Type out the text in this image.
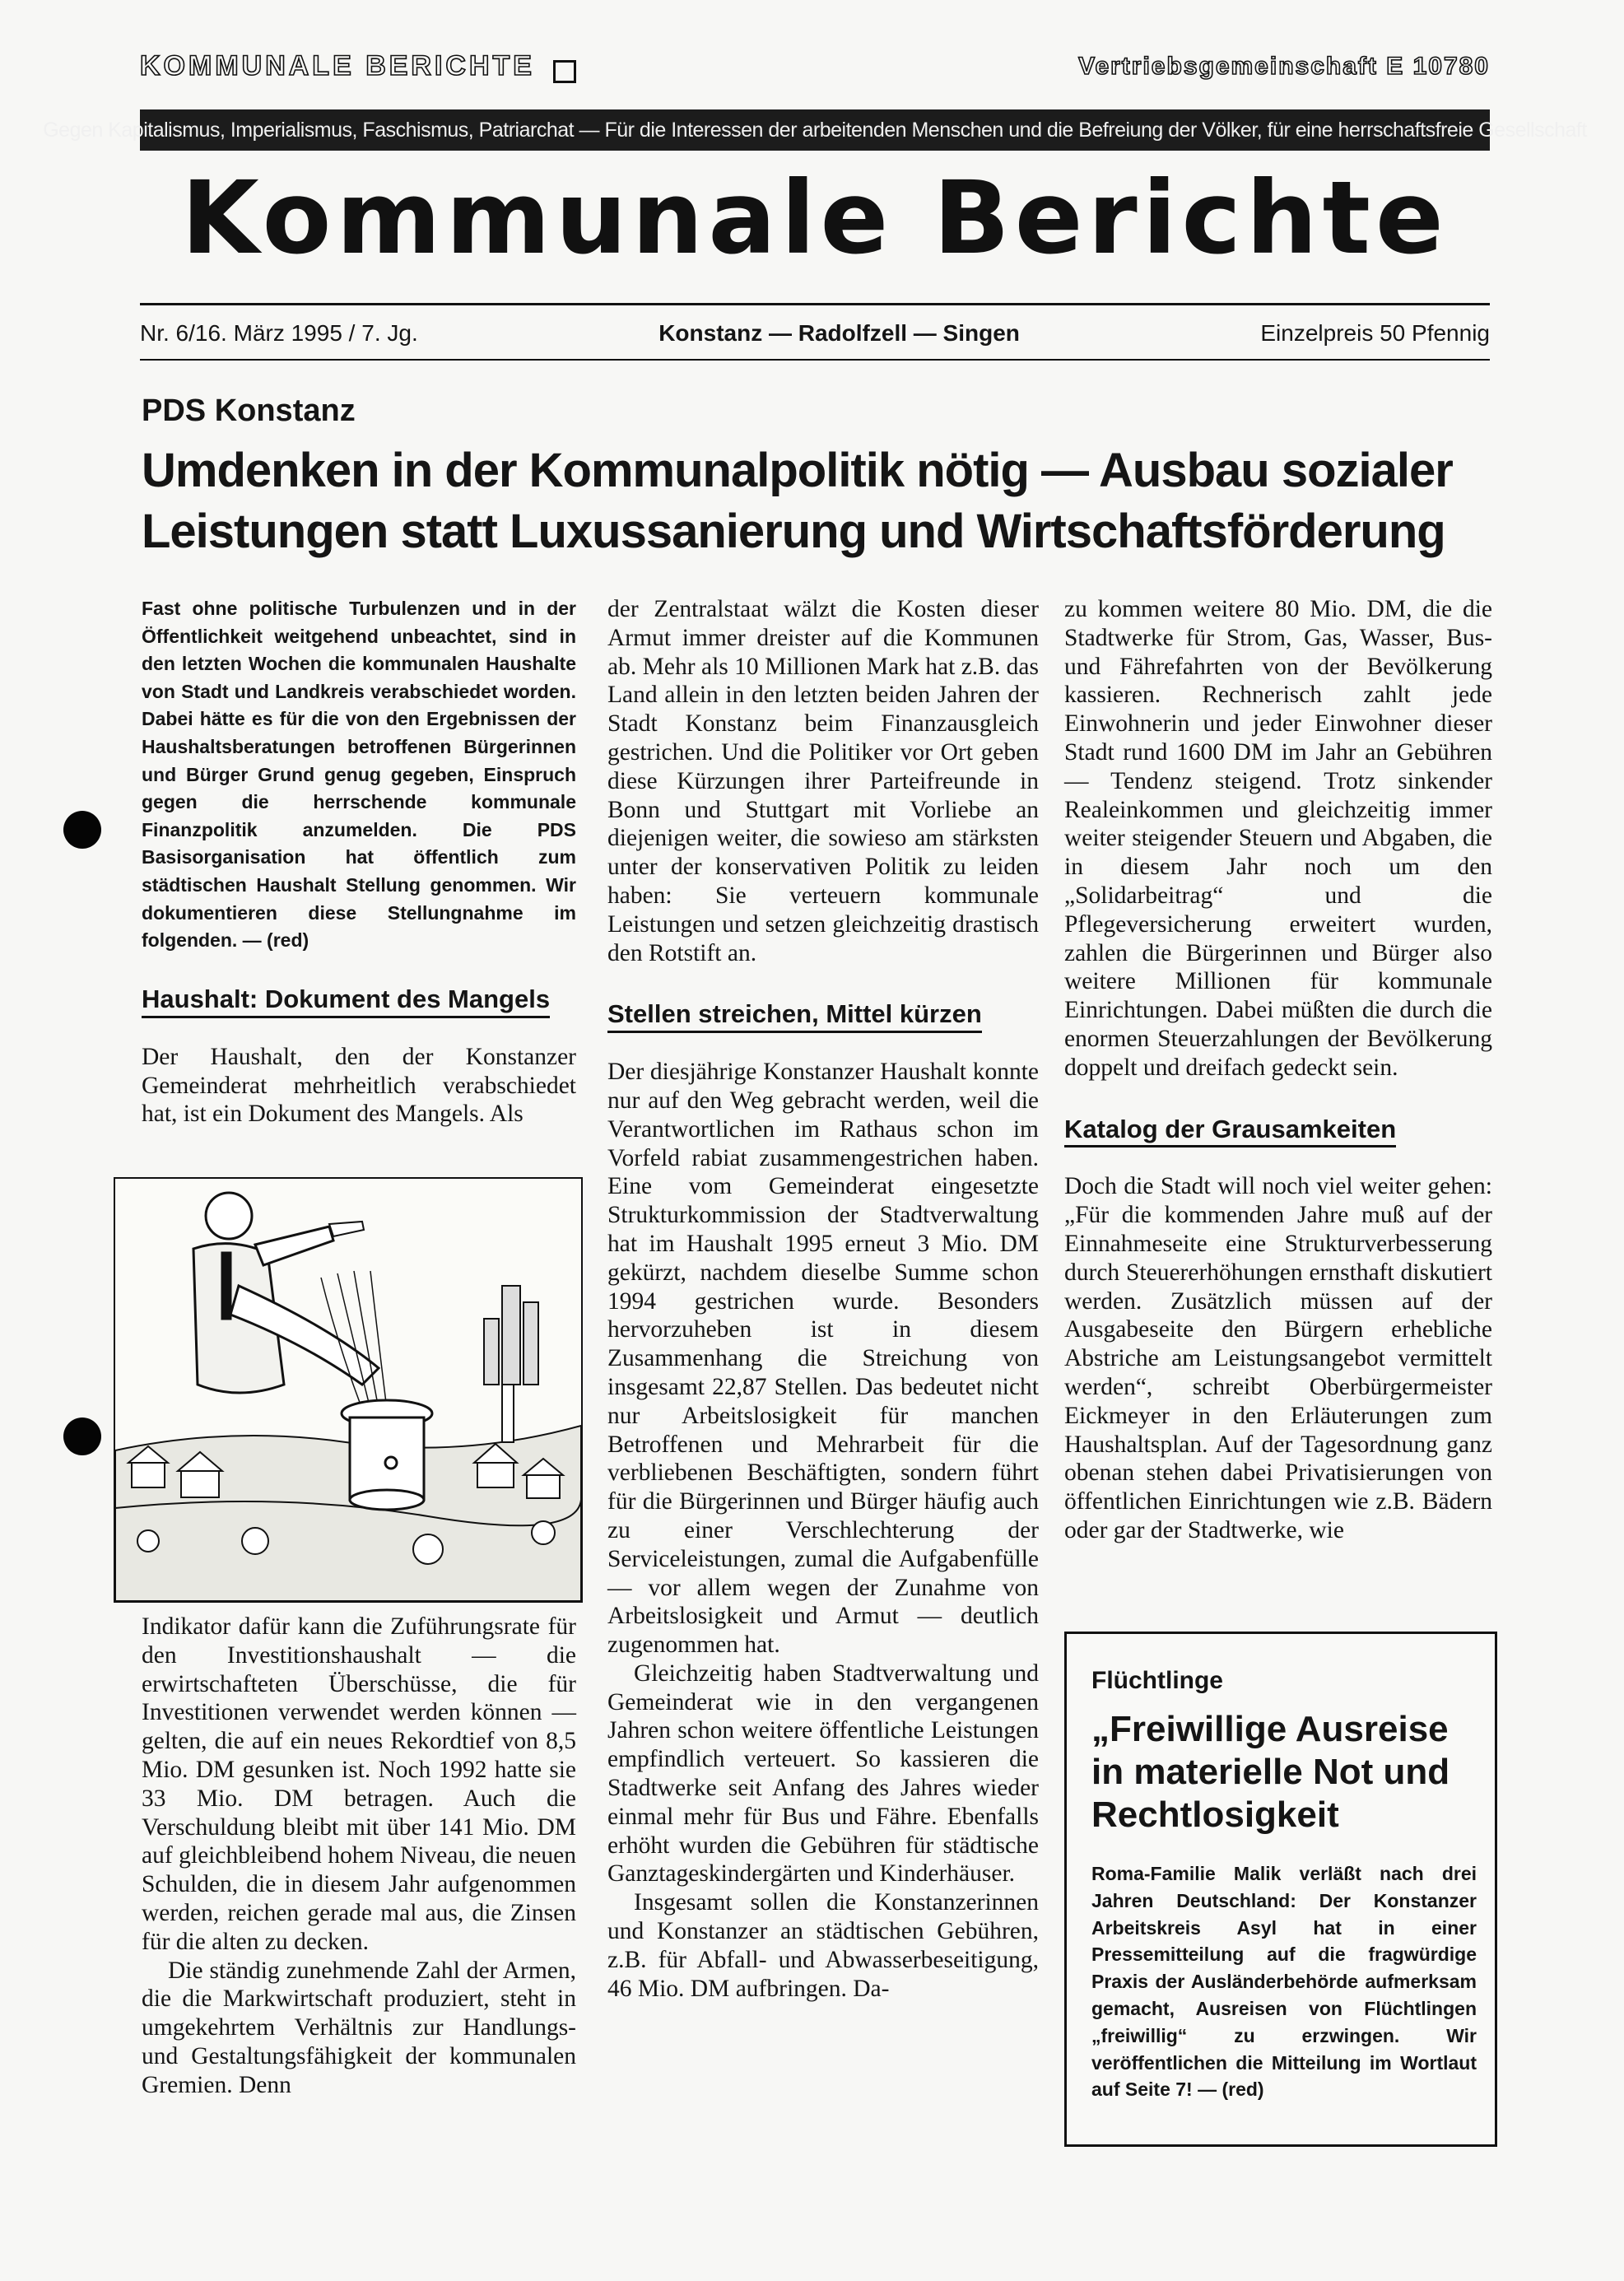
KOMMUNALE BERICHTE	Vertriebsgemeinschaft E 10780
Gegen Kapitalismus, Imperialismus, Faschismus, Patriarchat — Für die Interessen der arbeitenden Menschen und die Befreiung der Völker, für eine herrschaftsfreie Gesellschaft
Kommunale Berichte
Nr. 6/16. März 1995 / 7. Jg.	Konstanz — Radolfzell — Singen	Einzelpreis 50 Pfennig
PDS Konstanz
Umdenken in der Kommunalpolitik nötig — Ausbau sozialer
Leistungen statt Luxussanierung und Wirtschaftsförderung
Fast ohne politische Turbulenzen und in der Öffentlichkeit weitgehend unbeachtet, sind in den letzten Wochen die kommunalen Haushalte von Stadt und Landkreis verabschiedet worden. Dabei hätte es für die von den Ergebnissen der Haushaltsberatungen betroffenen Bürgerinnen und Bürger Grund genug gegeben, Einspruch gegen die herrschende kommunale Finanzpolitik anzumelden. Die PDS Basisorganisation hat öffentlich zum städtischen Haushalt Stellung genommen. Wir dokumentieren diese Stellungnahme im folgenden. — (red)
Haushalt: Dokument des Mangels

Der Haushalt, den der Konstanzer Gemeinderat mehrheitlich verabschiedet hat, ist ein Dokument des Mangels. Als

Indikator dafür kann die Zuführungsrate für den Investitionshaushalt — die erwirtschafteten Überschüsse, die für Investitionen verwendet werden können — gelten, die auf ein neues Rekordtief von 8,5 Mio. DM gesunken ist. Noch 1992 hatte sie 33 Mio. DM betragen. Auch die Verschuldung bleibt mit über 141 Mio. DM auf gleichbleibend hohem Niveau, die neuen Schulden, die in diesem Jahr aufgenommen werden, reichen gerade mal aus, die Zinsen für die alten zu decken.

Die ständig zunehmende Zahl der Armen, die die Markwirtschaft produziert, steht in umgekehrtem Verhältnis zur Handlungs- und Gestaltungsfähigkeit der kommunalen Gremien. Denn

der Zentralstaat wälzt die Kosten dieser Armut immer dreister auf die Kommunen ab. Mehr als 10 Millionen Mark hat z.B. das Land allein in den letzten beiden Jahren der Stadt Konstanz beim Finanzausgleich gestrichen. Und die Politiker vor Ort geben diese Kürzungen ihrer Parteifreunde in Bonn und Stuttgart mit Vorliebe an diejenigen weiter, die sowieso am stärksten unter der konservativen Politik zu leiden haben: Sie verteuern kommunale Leistungen und setzen gleichzeitig drastisch den Rotstift an.

Stellen streichen, Mittel kürzen

Der diesjährige Konstanzer Haushalt konnte nur auf den Weg gebracht werden, weil die Verantwortlichen im Rathaus schon im Vorfeld rabiat zusammengestrichen haben. Eine vom Gemeinderat eingesetzte Strukturkommission der Stadtverwaltung hat im Haushalt 1995 erneut 3 Mio. DM gekürzt, nachdem dieselbe Summe schon 1994 gestrichen wurde. Besonders hervorzuheben ist in diesem Zusammenhang die Streichung von insgesamt 22,87 Stellen. Das bedeutet nicht nur Arbeitslosigkeit für manchen Betroffenen und Mehrarbeit für die verbliebenen Beschäftigten, sondern führt für die Bürgerinnen und Bürger häufig auch zu einer Verschlechterung der Serviceleistungen, zumal die Aufgabenfülle — vor allem wegen der Zunahme von Arbeitslosigkeit und Armut — deutlich zugenommen hat.

Gleichzeitig haben Stadtverwaltung und Gemeinderat wie in den vergangenen Jahren schon weitere öffentliche Leistungen empfindlich verteuert. So kassieren die Stadtwerke seit Anfang des Jahres wieder einmal mehr für Bus und Fähre. Ebenfalls erhöht wurden die Gebühren für städtische Ganztageskindergärten und Kinderhäuser.

Insgesamt sollen die Konstanzerinnen und Konstanzer an städtischen Gebühren, z.B. für Abfall- und Abwasserbeseitigung, 46 Mio. DM aufbringen. Da-

zu kommen weitere 80 Mio. DM, die die Stadtwerke für Strom, Gas, Wasser, Bus- und Fährefahrten von der Bevölkerung kassieren. Rechnerisch zahlt jede Einwohnerin und jeder Einwohner dieser Stadt rund 1600 DM im Jahr an Gebühren — Tendenz steigend. Trotz sinkender Realeinkommen und gleichzeitig immer weiter steigender Steuern und Abgaben, die in diesem Jahr noch um den „Solidarbeitrag“ und die Pflegeversicherung erweitert wurden, zahlen die Bürgerinnen und Bürger also weitere Millionen für kommunale Einrichtungen. Dabei müßten die durch die enormen Steuerzahlungen der Bevölkerung doppelt und dreifach gedeckt sein.

Katalog der Grausamkeiten

Doch die Stadt will noch viel weiter gehen: „Für die kommenden Jahre muß auf der Einnahmeseite eine Strukturverbesserung durch Steuererhöhungen ernsthaft diskutiert werden. Zusätzlich müssen auf der Ausgabeseite den Bürgern erhebliche Abstriche am Leistungsangebot vermittelt werden“, schreibt Oberbürgermeister Eickmeyer in den Erläuterungen zum Haushaltsplan. Auf der Tagesordnung ganz obenan stehen dabei Privatisierungen von öffentlichen Einrichtungen wie z.B. Bädern oder gar der Stadtwerke, wie

Flüchtlinge
„Freiwillige Ausreise in materielle Not und Rechtlosigkeit
Roma-Familie Malik verläßt nach drei Jahren Deutschland: Der Konstanzer Arbeitskreis Asyl hat in einer Pressemitteilung auf die fragwürdige Praxis der Ausländerbehörde aufmerksam gemacht, Ausreisen von Flüchtlingen „freiwillig“ zu erzwingen. Wir veröffentlichen die Mitteilung im Wortlaut auf Seite 7! — (red)
